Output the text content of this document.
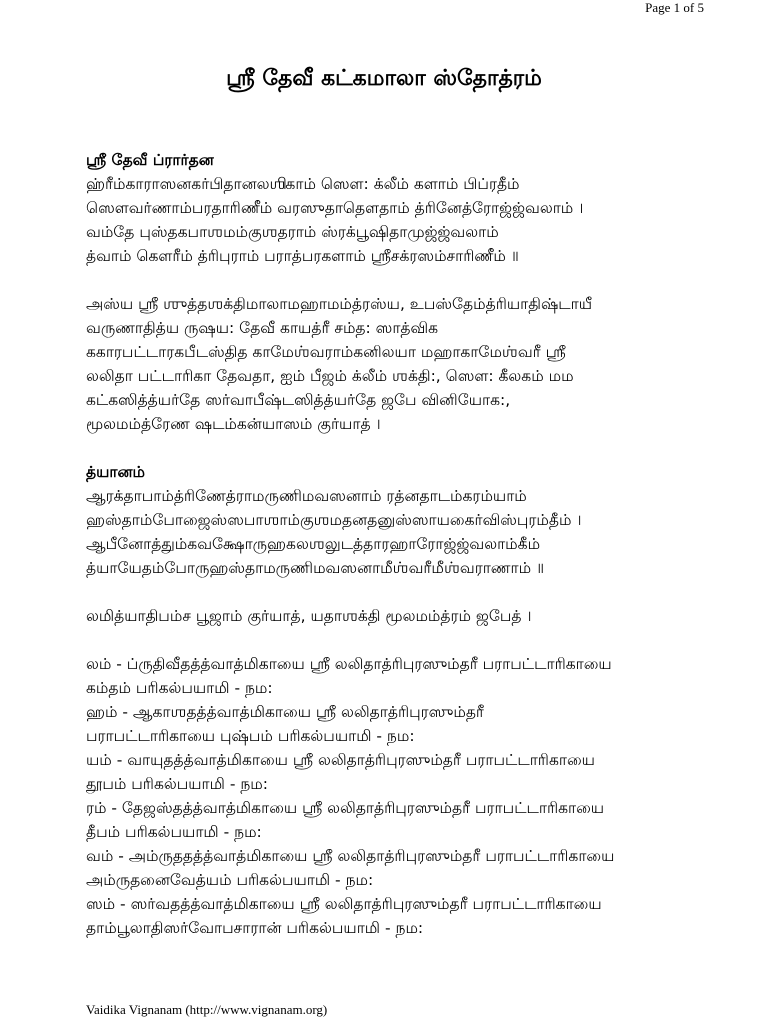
Page 1 of 5
ஸ்ரீ தேவீ கட்கமாலா ஸ்தோத்ரம்
ஸ்ரீ தேவீ ப்ரார்தன
ஹ்ரீம்காராஸனகர்பிதானலஶிகாம் ஸௌ: க்லீம் களாம் பிப்ரதீம்
ஸௌவர்ணாம்பரதாரிணீம் வரஸுதாதௌதாம் த்ரினேத்ரோஜ்ஜ்வலாம் ।
வம்தே புஸ்தகபாஶமம்குஶதராம் ஸ்ரக்பூஷிதாமுஜ்ஜ்வலாம்
த்வாம் கௌரீம் த்ரிபுராம் பராத்பரகளாம் ஶ்ரீசக்ரஸம்சாரிணீம் ॥
அஸ்ய ஶ்ரீ ஶுத்தஶக்திமாலாமஹாமம்த்ரஸ்ய, உபஸ்தேம்த்ரியாதிஷ்டாயீ
வருணாதித்ய ருஷய: தேவீ காயத்ரீ சம்த: ஸாத்விக
ககாரபட்டாரகபீடஸ்தித காமேஶ்வராம்கனிலயா மஹாகாமேஶ்வரீ ஶ்ரீ
லலிதா பட்டாரிகா தேவதா, ஐம் பீஜம் க்லீம் ஶக்தி:, ஸௌ: கீலகம் மம
கட்கஸித்த்யர்தே ஸர்வாபீஷ்டஸித்த்யர்தே ஜபே வினியோக:,
மூலமம்த்ரேண ஷடம்கன்யாஸம் குர்யாத் ।
த்யானம்
ஆரக்தாபாம்த்ரிணேத்ராமருணிமவஸனாம் ரத்னதாடம்கரம்யாம்
ஹஸ்தாம்போஜைஸ்ஸபாஶாம்குஶமதனதனுஸ்ஸாயகைர்விஸ்புரம்தீம் ।
ஆபீனோத்தும்கவக்ஷோருஹகலஶலுடத்தாரஹாரோஜ்ஜ்வலாம்கீம்
த்யாயேதம்போருஹஸ்தாமருணிமவஸனாமீஶ்வரீமீஶ்வராணாம் ॥
லமித்யாதிபம்ச பூஜாம் குர்யாத், யதாஶக்தி மூலமம்த்ரம் ஜபேத் ।
லம் - ப்ருதிவீதத்த்வாத்மிகாயை ஶ்ரீ லலிதாத்ரிபுரஸும்தரீ பராபட்டாரிகாயை
கம்தம் பரிகல்பயாமி - நம:
ஹம் - ஆகாஶதத்த்வாத்மிகாயை ஶ்ரீ லலிதாத்ரிபுரஸும்தரீ
பராபட்டாரிகாயை புஷ்பம் பரிகல்பயாமி - நம:
யம் - வாயுதத்த்வாத்மிகாயை ஶ்ரீ லலிதாத்ரிபுரஸும்தரீ பராபட்டாரிகாயை
தூபம் பரிகல்பயாமி - நம:
ரம் - தேஜஸ்தத்த்வாத்மிகாயை ஶ்ரீ லலிதாத்ரிபுரஸும்தரீ பராபட்டாரிகாயை
தீபம் பரிகல்பயாமி - நம:
வம் - அம்ருததத்த்வாத்மிகாயை ஶ்ரீ லலிதாத்ரிபுரஸும்தரீ பராபட்டாரிகாயை
அம்ருதனைவேத்யம் பரிகல்பயாமி - நம:
ஸம் - ஸர்வதத்த்வாத்மிகாயை ஶ்ரீ லலிதாத்ரிபுரஸும்தரீ பராபட்டாரிகாயை
தாம்பூலாதிஸர்வோபசாரான் பரிகல்பயாமி - நம:
Vaidika Vignanam (http://www.vignanam.org)
